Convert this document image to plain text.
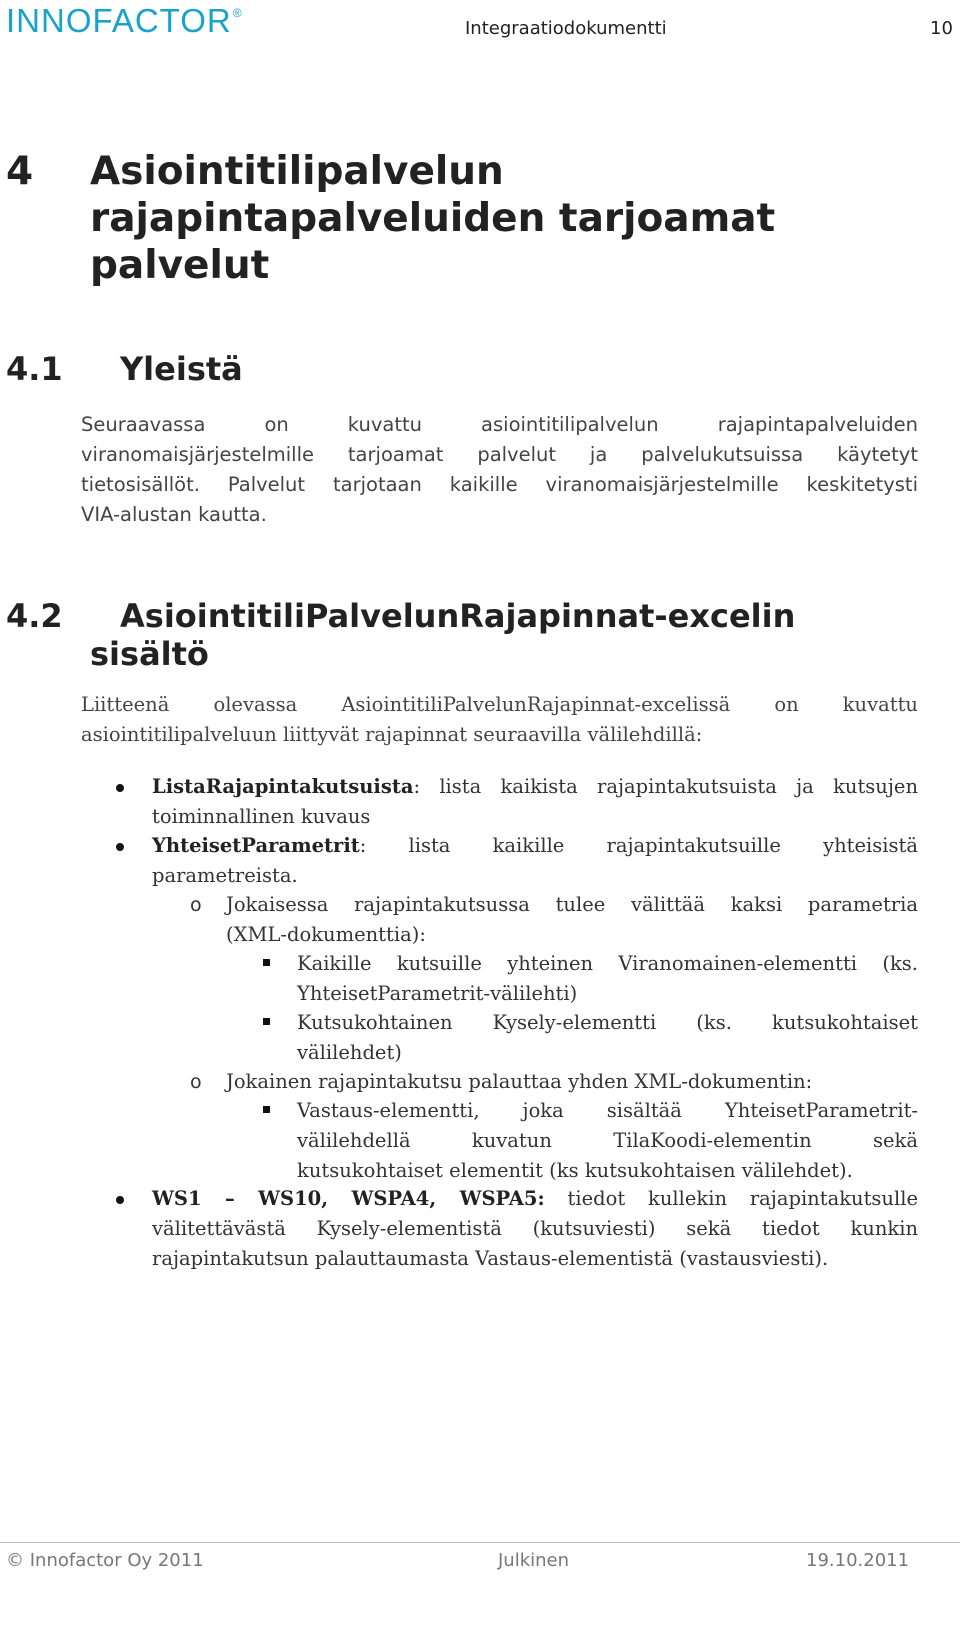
INNOFACTOR®
Integraatiodokumentti	10
4 Asiointitilipalvelun
rajapintapalveluiden tarjoamat
palvelut
4.1 Yleistä
Seuraavassa on kuvattu asiointitilipalvelun rajapintapalveluiden
viranomaisjärjestelmille tarjoamat palvelut ja palvelukutsuissa käytetyt
tietosisällöt. Palvelut tarjotaan kaikille viranomaisjärjestelmille keskitetysti
VIA-alustan kautta.
4.2 AsiointitiliPalvelunRajapinnat-excelin
sisältö
Liitteenä olevassa AsiointitiliPalvelunRajapinnat-excelissä on kuvattu
asiointitilipalveluun liittyvät rajapinnat seuraavilla välilehdillä:
ListaRajapintakutsuista: lista kaikista rajapintakutsuista ja kutsujen
toiminnallinen kuvaus
YhteisetParametrit: lista kaikille rajapintakutsuille yhteisistä
parametreista.
o Jokaisessa rajapintakutsussa tulee välittää kaksi parametria
(XML-dokumenttia):
Kaikille kutsuille yhteinen Viranomainen-elementti (ks.
YhteisetParametrit-välilehti)
Kutsukohtainen Kysely-elementti (ks. kutsukohtaiset
välilehdet)
o Jokainen rajapintakutsu palauttaa yhden XML-dokumentin:
Vastaus-elementti, joka sisältää YhteisetParametrit-
välilehdellä kuvatun TilaKoodi-elementin sekä
kutsukohtaiset elementit (ks kutsukohtaisen välilehdet).
WS1 – WS10, WSPA4, WSPA5: tiedot kullekin rajapintakutsulle
välitettävästä Kysely-elementistä (kutsuviesti) sekä tiedot kunkin
rajapintakutsun palauttaumasta Vastaus-elementistä (vastausviesti).
© Innofactor Oy 2011	Julkinen	19.10.2011
